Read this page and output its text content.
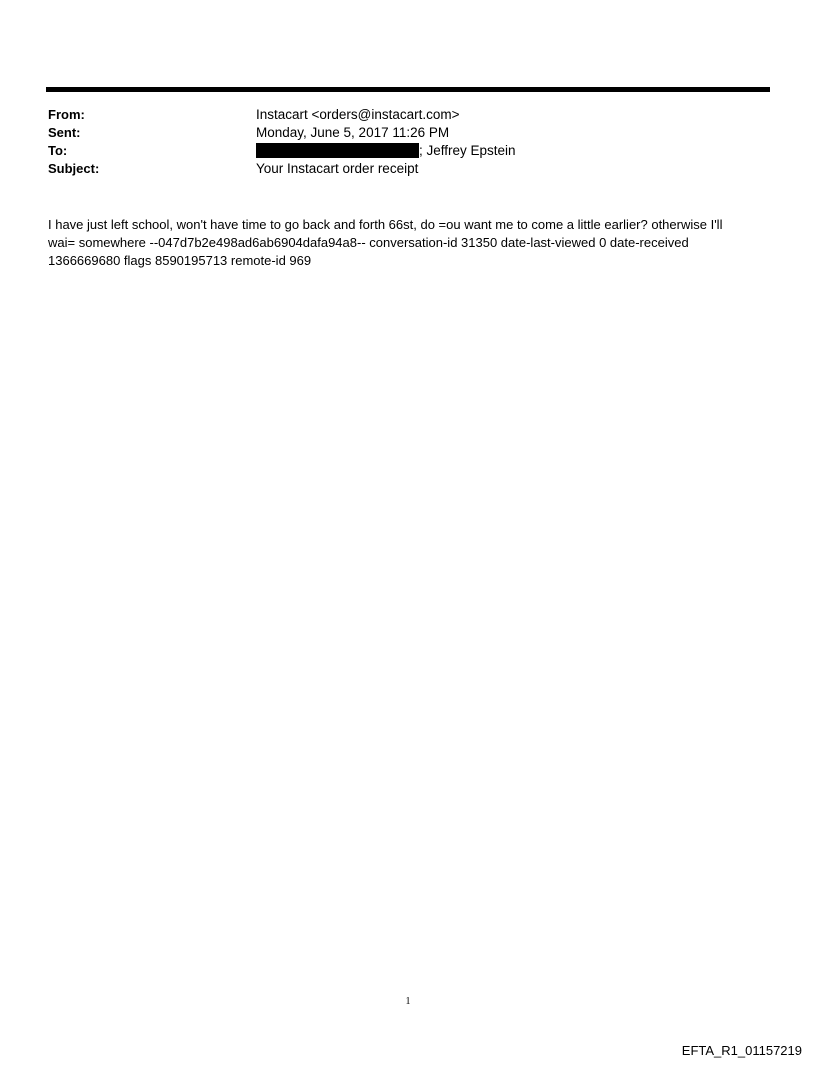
From:	Instacart <orders@instacart.com>
Sent:	Monday, June 5, 2017 11:26 PM
To:	; Jeffrey Epstein
Subject:	Your Instacart order receipt
I have just left school, won't have time to go back and forth 66st, do =ou want me to come a little earlier? otherwise I'll
wai= somewhere --047d7b2e498ad6ab6904dafa94a8-- conversation-id 31350 date-last-viewed 0 date-received
1366669680 flags 8590195713 remote-id 969
1
EFTA_R1_01157219
